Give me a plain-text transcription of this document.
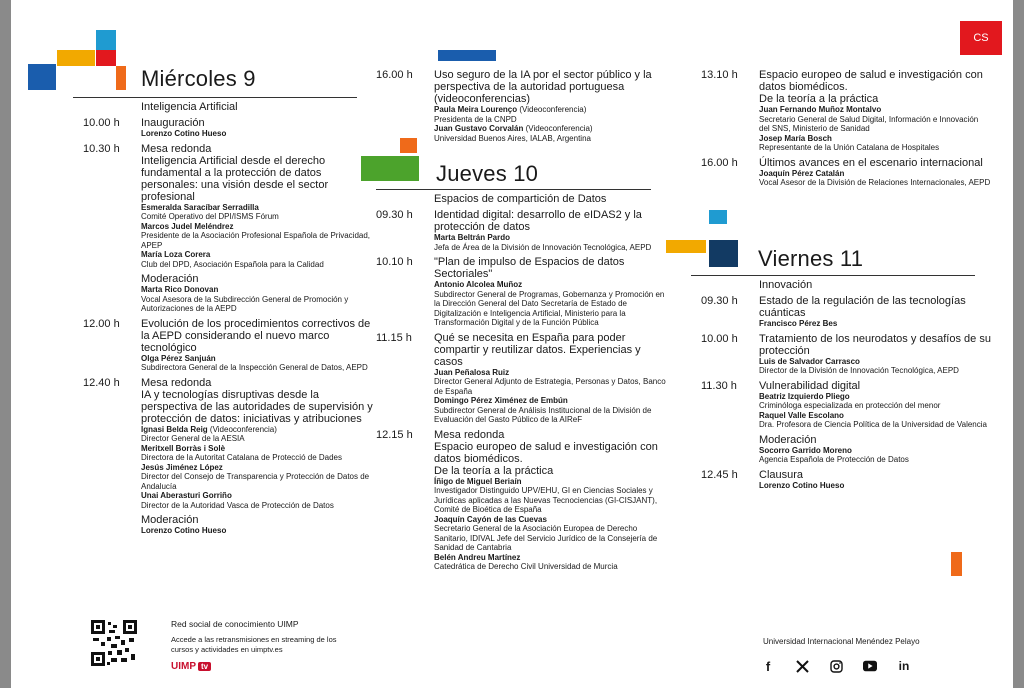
Miércoles 9
Inteligencia Artificial
10.00 h	Inauguración
Lorenzo Cotino Hueso
10.30 h	Mesa redonda
Inteligencia Artificial desde el derecho fundamental a la protección de datos personales: una visión desde el sector profesional
Esmeralda Saracíbar Serradilla
Comité Operativo del DPI/ISMS Fórum
Marcos Judel Meléndrez
Presidente de la Asociación Profesional Española de Privacidad, APEP
María Loza Corera
Club del DPD, Asociación Española para la Calidad
Moderación
Marta Rico Donovan
Vocal Asesora de la Subdirección General de Promoción y Autorizaciones de la AEPD
12.00 h	Evolución de los procedimientos correctivos de la AEPD considerando el nuevo marco tecnológico
Olga Pérez Sanjuán
Subdirectora General de la Inspección General de Datos, AEPD
12.40 h	Mesa redonda
IA y tecnologías disruptivas desde la perspectiva de las autoridades de supervisión y protección de datos: iniciativas y atribuciones
Ignasi Belda Reig (Videoconferencia)
Director General de la AESIA
Meritxell Borràs i Solè
Directora de la Autoritat Catalana de Protecció de Dades
Jesús Jiménez López
Director del Consejo de Transparencia y Protección de Datos de Andalucía
Unai Aberasturi Gorriño
Director de la Autoridad Vasca de Protección de Datos
Moderación
Lorenzo Cotino Hueso
16.00 h	Uso seguro de la IA por el sector público y la perspectiva de la autoridad portuguesa (videoconferencias)
Paula Meira Lourenço (Videoconferencia)
Presidenta de la CNPD
Juan Gustavo Corvalán (Videoconferencia)
Universidad Buenos Aires, IALAB, Argentina
Jueves 10
Espacios de compartición de Datos
09.30 h	Identidad digital: desarrollo de eIDAS2 y la protección de datos
Marta Beltrán Pardo
Jefa de Área de la División de Innovación Tecnológica, AEPD
10.10 h	"Plan de impulso de Espacios de datos Sectoriales"
Antonio Alcolea Muñoz
Subdirector General de Programas, Gobernanza y Promoción en la Dirección General del Dato Secretaría de Estado de Digitalización e Inteligencia Artificial, Ministerio para la Transformación Digital y de la Función Pública
11.15 h	Qué se necesita en España para poder compartir y reutilizar datos. Experiencias y casos
Juan Peñalosa Ruiz
Director General Adjunto de Estrategia, Personas y Datos, Banco de España
Domingo Pérez Ximénez de Embún
Subdirector General de Análisis Institucional de la División de Evaluación del Gasto Público de la AIReF
12.15 h	Mesa redonda
Espacio europeo de salud e investigación con datos biomédicos.
De la teoría a la práctica
Íñigo de Miguel Beriaín
Investigador Distinguido UPV/EHU, GI en Ciencias Sociales y Jurídicas aplicadas a las Nuevas Tecnociencias (GI-CISJANT), Comité de Bioética de España
Joaquín Cayón de las Cuevas
Secretario General de la Asociación Europea de Derecho Sanitario, IDIVAL Jefe del Servicio Jurídico de la Consejería de Sanidad de Cantabria
Belén Andreu Martínez
Catedrática de Derecho Civil Universidad de Murcia
CS
13.10 h	Espacio europeo de salud e investigación con datos biomédicos.
De la teoría a la práctica
Juan Fernando Muñoz Montalvo
Secretario General de Salud Digital, Información e Innovación del SNS, Ministerio de Sanidad
Josep María Bosch
Representante de la Unión Catalana de Hospitales
16.00 h	Últimos avances en el escenario internacional
Joaquín Pérez Catalán
Vocal Asesor de la División de Relaciones Internacionales, AEPD
Viernes 11
Innovación
09.30 h	Estado de la regulación de las tecnologías cuánticas
Francisco Pérez Bes
10.00 h	Tratamiento de los neurodatos y desafíos de su protección
Luis de Salvador Carrasco
Director de la División de Innovación Tecnológica, AEPD
11.30 h	Vulnerabilidad digital
Beatriz Izquierdo Pliego
Criminóloga especializada en protección del menor
Raquel Valle Escolano
Dra. Profesora de Ciencia Política de la Universidad de Valencia
Moderación
Socorro Garrido Moreno
Agencia Española de Protección de Datos
12.45 h	Clausura
Lorenzo Cotino Hueso
Red social de conocimiento UIMP
Accede a las retransmisiones en streaming de los cursos y actividades en uimptv.es
UIMP tv
Universidad Internacional Menéndez Pelayo
f	in
